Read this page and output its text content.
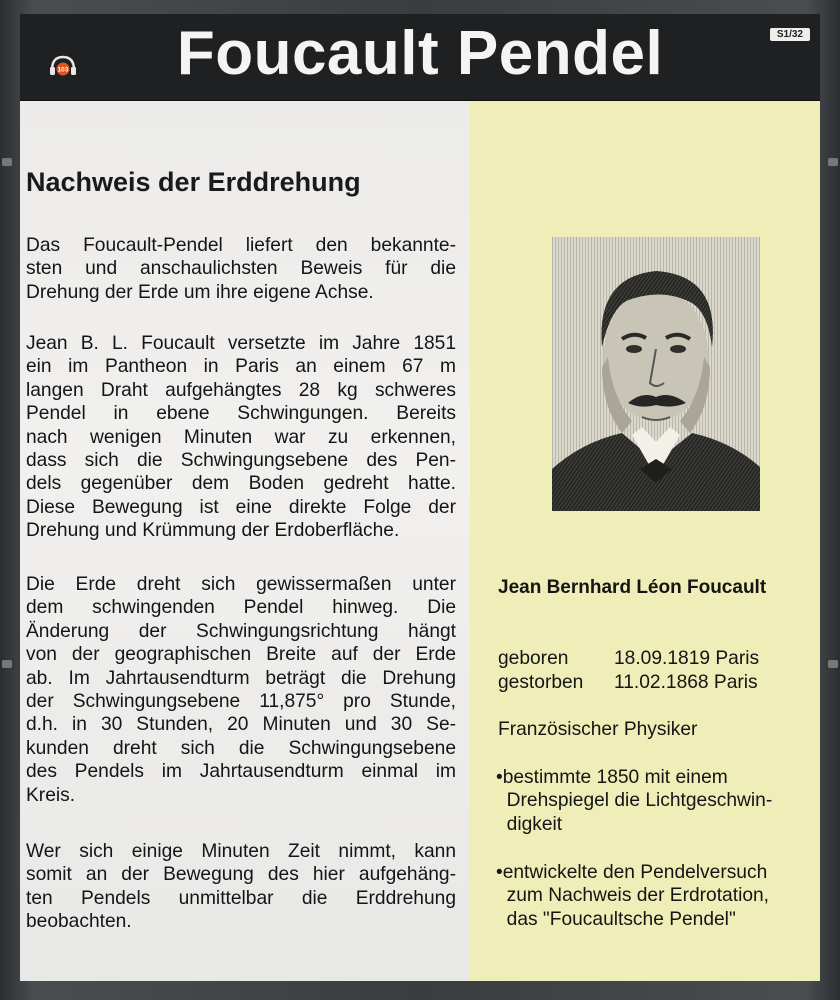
103	Foucault Pendel	S1/32
Nachweis der Erddrehung
Das Foucault-Pendel liefert den bekannte-
sten und anschaulichsten Beweis für die
Drehung der Erde um ihre eigene Achse.
Jean B. L. Foucault versetzte im Jahre 1851
ein im Pantheon in Paris an einem 67 m
langen Draht aufgehängtes 28 kg schweres
Pendel in ebene Schwingungen. Bereits
nach wenigen Minuten war zu erkennen,
dass sich die Schwingungsebene des Pen-
dels gegenüber dem Boden gedreht hatte.
Diese Bewegung ist eine direkte Folge der
Drehung und Krümmung der Erdoberfläche.
Die Erde dreht sich gewissermaßen unter
dem schwingenden Pendel hinweg. Die
Änderung der Schwingungsrichtung hängt
von der geographischen Breite auf der Erde
ab. Im Jahrtausendturm beträgt die Drehung
der Schwingungsebene 11,875° pro Stunde,
d.h. in 30 Stunden, 20 Minuten und 30 Se-
kunden dreht sich die Schwingungsebene
des Pendels im Jahrtausendturm einmal im
Kreis.
Wer sich einige Minuten Zeit nimmt, kann
somit an der Bewegung des hier aufgehäng-
ten Pendels unmittelbar die Erddrehung
beobachten.
Jean Bernhard Léon Foucault
geboren 18.09.1819 Paris
gestorben 11.02.1868 Paris
Französischer Physiker
•bestimmte 1850 mit einem
Drehspiegel die Lichtgeschwin-
digkeit
•entwickelte den Pendelversuch
zum Nachweis der Erdrotation,
das "Foucaultsche Pendel"
